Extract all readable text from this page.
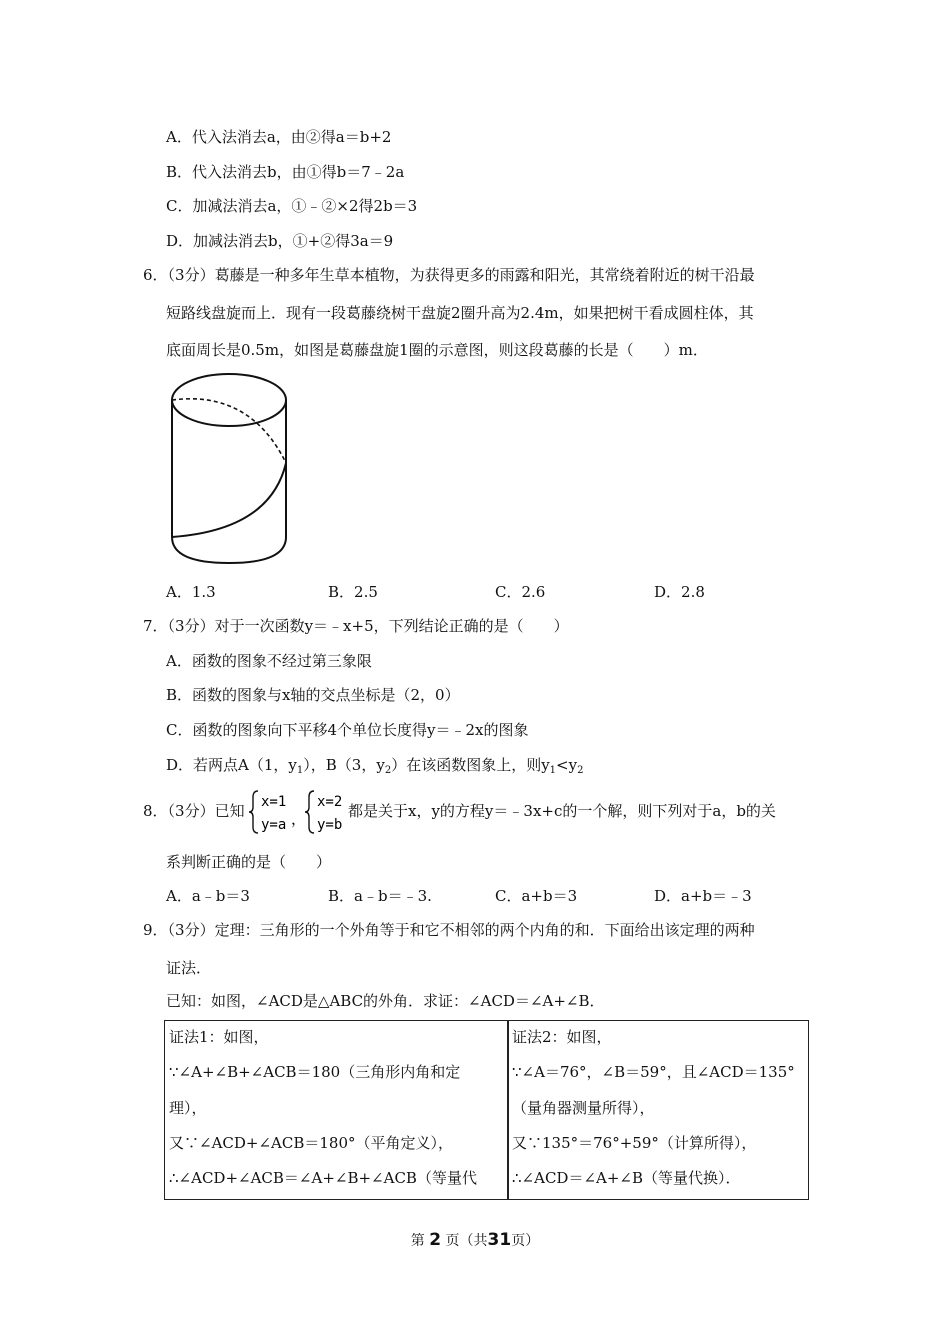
A．代入法消去a，由②得a＝b+2
B．代入法消去b，由①得b＝7﹣2a
C．加减法消去a，①﹣②×2得2b＝3
D．加减法消去b，①+②得3a＝9
6．（3分）葛藤是一种多年生草本植物，为获得更多的雨露和阳光，其常绕着附近的树干沿最
短路线盘旋而上．现有一段葛藤绕树干盘旋2圈升高为2.4m，如果把树干看成圆柱体，其
底面周长是0.5m，如图是葛藤盘旋1圈的示意图，则这段葛藤的长是（　　）m．
A．1.3	B．2.5	C．2.6	D．2.8
7．（3分）对于一次函数y＝﹣x+5，下列结论正确的是（　　）
A．函数的图象不经过第三象限
B．函数的图象与x轴的交点坐标是（2，0）
C．函数的图象向下平移4个单位长度得y＝﹣2x的图象
D．若两点A（1，$y_1$），B（3，$y_2$）在该函数图象上，则$y_1<y_2$
8．（3分）已知 x=1
y=a ，
x=2
y=b
都是关于x，y的方程y＝﹣3x+c的一个解，则下列对于a，b的关
系判断正确的是（　　）
A．a﹣b＝3	B．a﹣b＝﹣3.	C．a+b＝3	D．a+b＝﹣3
9．（3分）定理：三角形的一个外角等于和它不相邻的两个内角的和．下面给出该定理的两种
证法．
已知：如图，∠ACD是△ABC的外角．求证：∠ACD＝∠A+∠B．
证法1：如图，
∵∠A+∠B+∠ACB＝180（三角形内角和定
理），
又∵∠ACD+∠ACB＝180°（平角定义），
∴∠ACD+∠ACB＝∠A+∠B+∠ACB（等量代
证法2：如图，
∵∠A＝76°，∠B＝59°，且∠ACD＝135°
（量角器测量所得），
又∵135°＝76°+59°（计算所得），
∴∠ACD＝∠A+∠B（等量代换）．
第 2 页（共31页）
